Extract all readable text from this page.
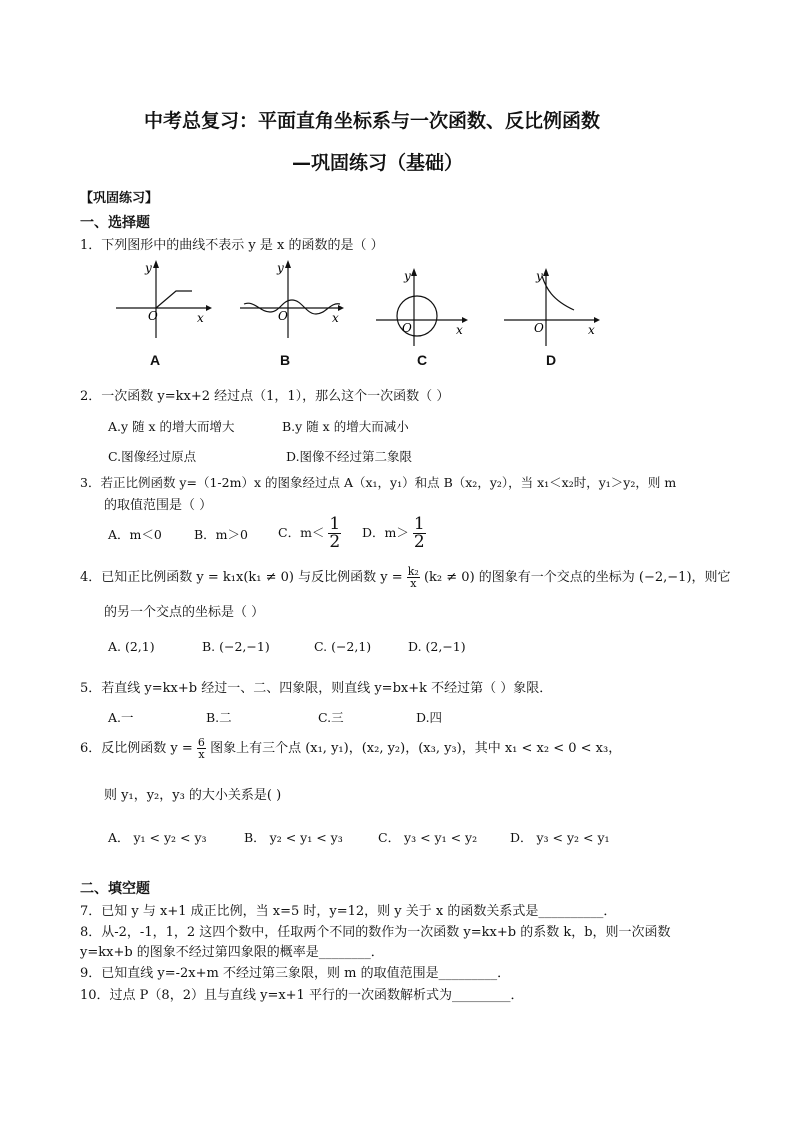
中考总复习：平面直角坐标系与一次函数、反比例函数
—巩固练习（基础）
【巩固练习】
一、选择题
1．下列图形中的曲线不表示 y 是 x 的函数的是（ ）
O	x
y
A
O	x
y
B
O	x
y
C
O	x
y
D
2．一次函数 y=kx+2 经过点（1，1），那么这个一次函数（ ）
A.y 随 x 的增大而增大	B.y 随 x 的增大而减小
C.图像经过原点	D.图像不经过第二象限
3．若正比例函数 y=（1-2m）x 的图象经过点 A（x₁，y₁）和点 B（x₂，y₂），当 x₁＜x₂时，y₁＞y₂，则 m
的取值范围是（ ）
A．m＜0	B．m＞0 C．$m< \frac{1}{2}$ D．$m> \frac{1}{2}$
4．已知正比例函数 y = k₁x(k₁ ≠ 0) 与反比例函数 $y = \frac{\text{k₂}}{x} (k_2 \ne 0)$ 的图象有一个交点的坐标为 (−2,−1)，则它
的另一个交点的坐标是（ ）
A. (2,1)	B. (−2,−1)	C. (−2,1)	D. (2,−1)
5．若直线 y=kx+b 经过一、二、四象限，则直线 y=bx+k 不经过第（ ）象限．
A.一	B.二	C.三	D.四
6．反比例函数 $y = \frac{6}{x}$ 图象上有三个点 (x₁, y₁)，(x₂, y₂)，(x₃, y₃)，其中 x₁ < x₂ < 0 < x₃，
则 y₁，y₂，y₃ 的大小关系是( )
A． y₁ < y₂ < y₃	B． y₂ < y₁ < y₃	C． y₃ < y₁ < y₂	D． y₃ < y₂ < y₁
二、填空题
7．已知 y 与 x+1 成正比例，当 x=5 时，y=12，则 y 关于 x 的函数关系式是__________．
8．从-2，-1，1，2 这四个数中，任取两个不同的数作为一次函数 y=kx+b 的系数 k，b，则一次函数
y=kx+b 的图象不经过第四象限的概率是________．
9．已知直线 y=-2x+m 不经过第三象限，则 m 的取值范围是_________．
10．过点 P（8，2）且与直线 y=x+1 平行的一次函数解析式为_________．
